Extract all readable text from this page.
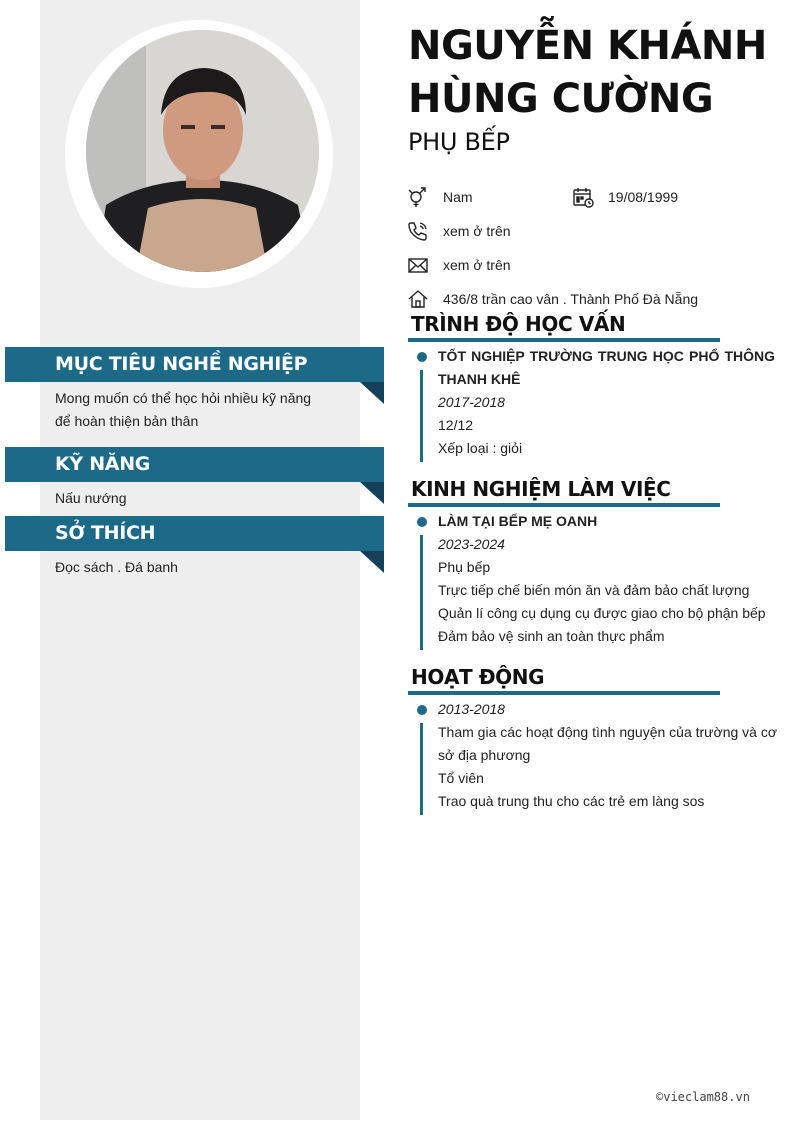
MỤC TIÊU NGHỀ NGHIỆP
Mong muốn có thể học hỏi nhiều kỹ năng
để hoàn thiện bản thân
KỸ NĂNG
Nấu nướng
SỞ THÍCH
Đọc sách . Đá banh
NGUYỄN KHÁNH
HÙNG CƯỜNG
PHỤ BẾP
Nam	19/08/1999
xem ở trên
xem ở trên
436/8 trần cao vân . Thành Phố Đà Nẵng
TRÌNH ĐỘ HỌC VẤN
TỐT NGHIỆP TRƯỜNG TRUNG HỌC PHỔ THÔNG
THANH KHÊ
2017-2018
12/12
Xếp loại : giỏi
KINH NGHIỆM LÀM VIỆC
LÀM TẠI BẾP MẸ OANH
2023-2024
Phụ bếp
Trực tiếp chế biến món ăn và đảm bảo chất lượng
Quản lí công cụ dụng cụ được giao cho bộ phận bếp
Đảm bảo vệ sinh an toàn thực phẩm
HOẠT ĐỘNG
2013-2018
Tham gia các hoạt động tình nguyện của trường và cơ
sở địa phương
Tổ viên
Trao quà trung thu cho các trẻ em làng sos
©vieclam88.vn
